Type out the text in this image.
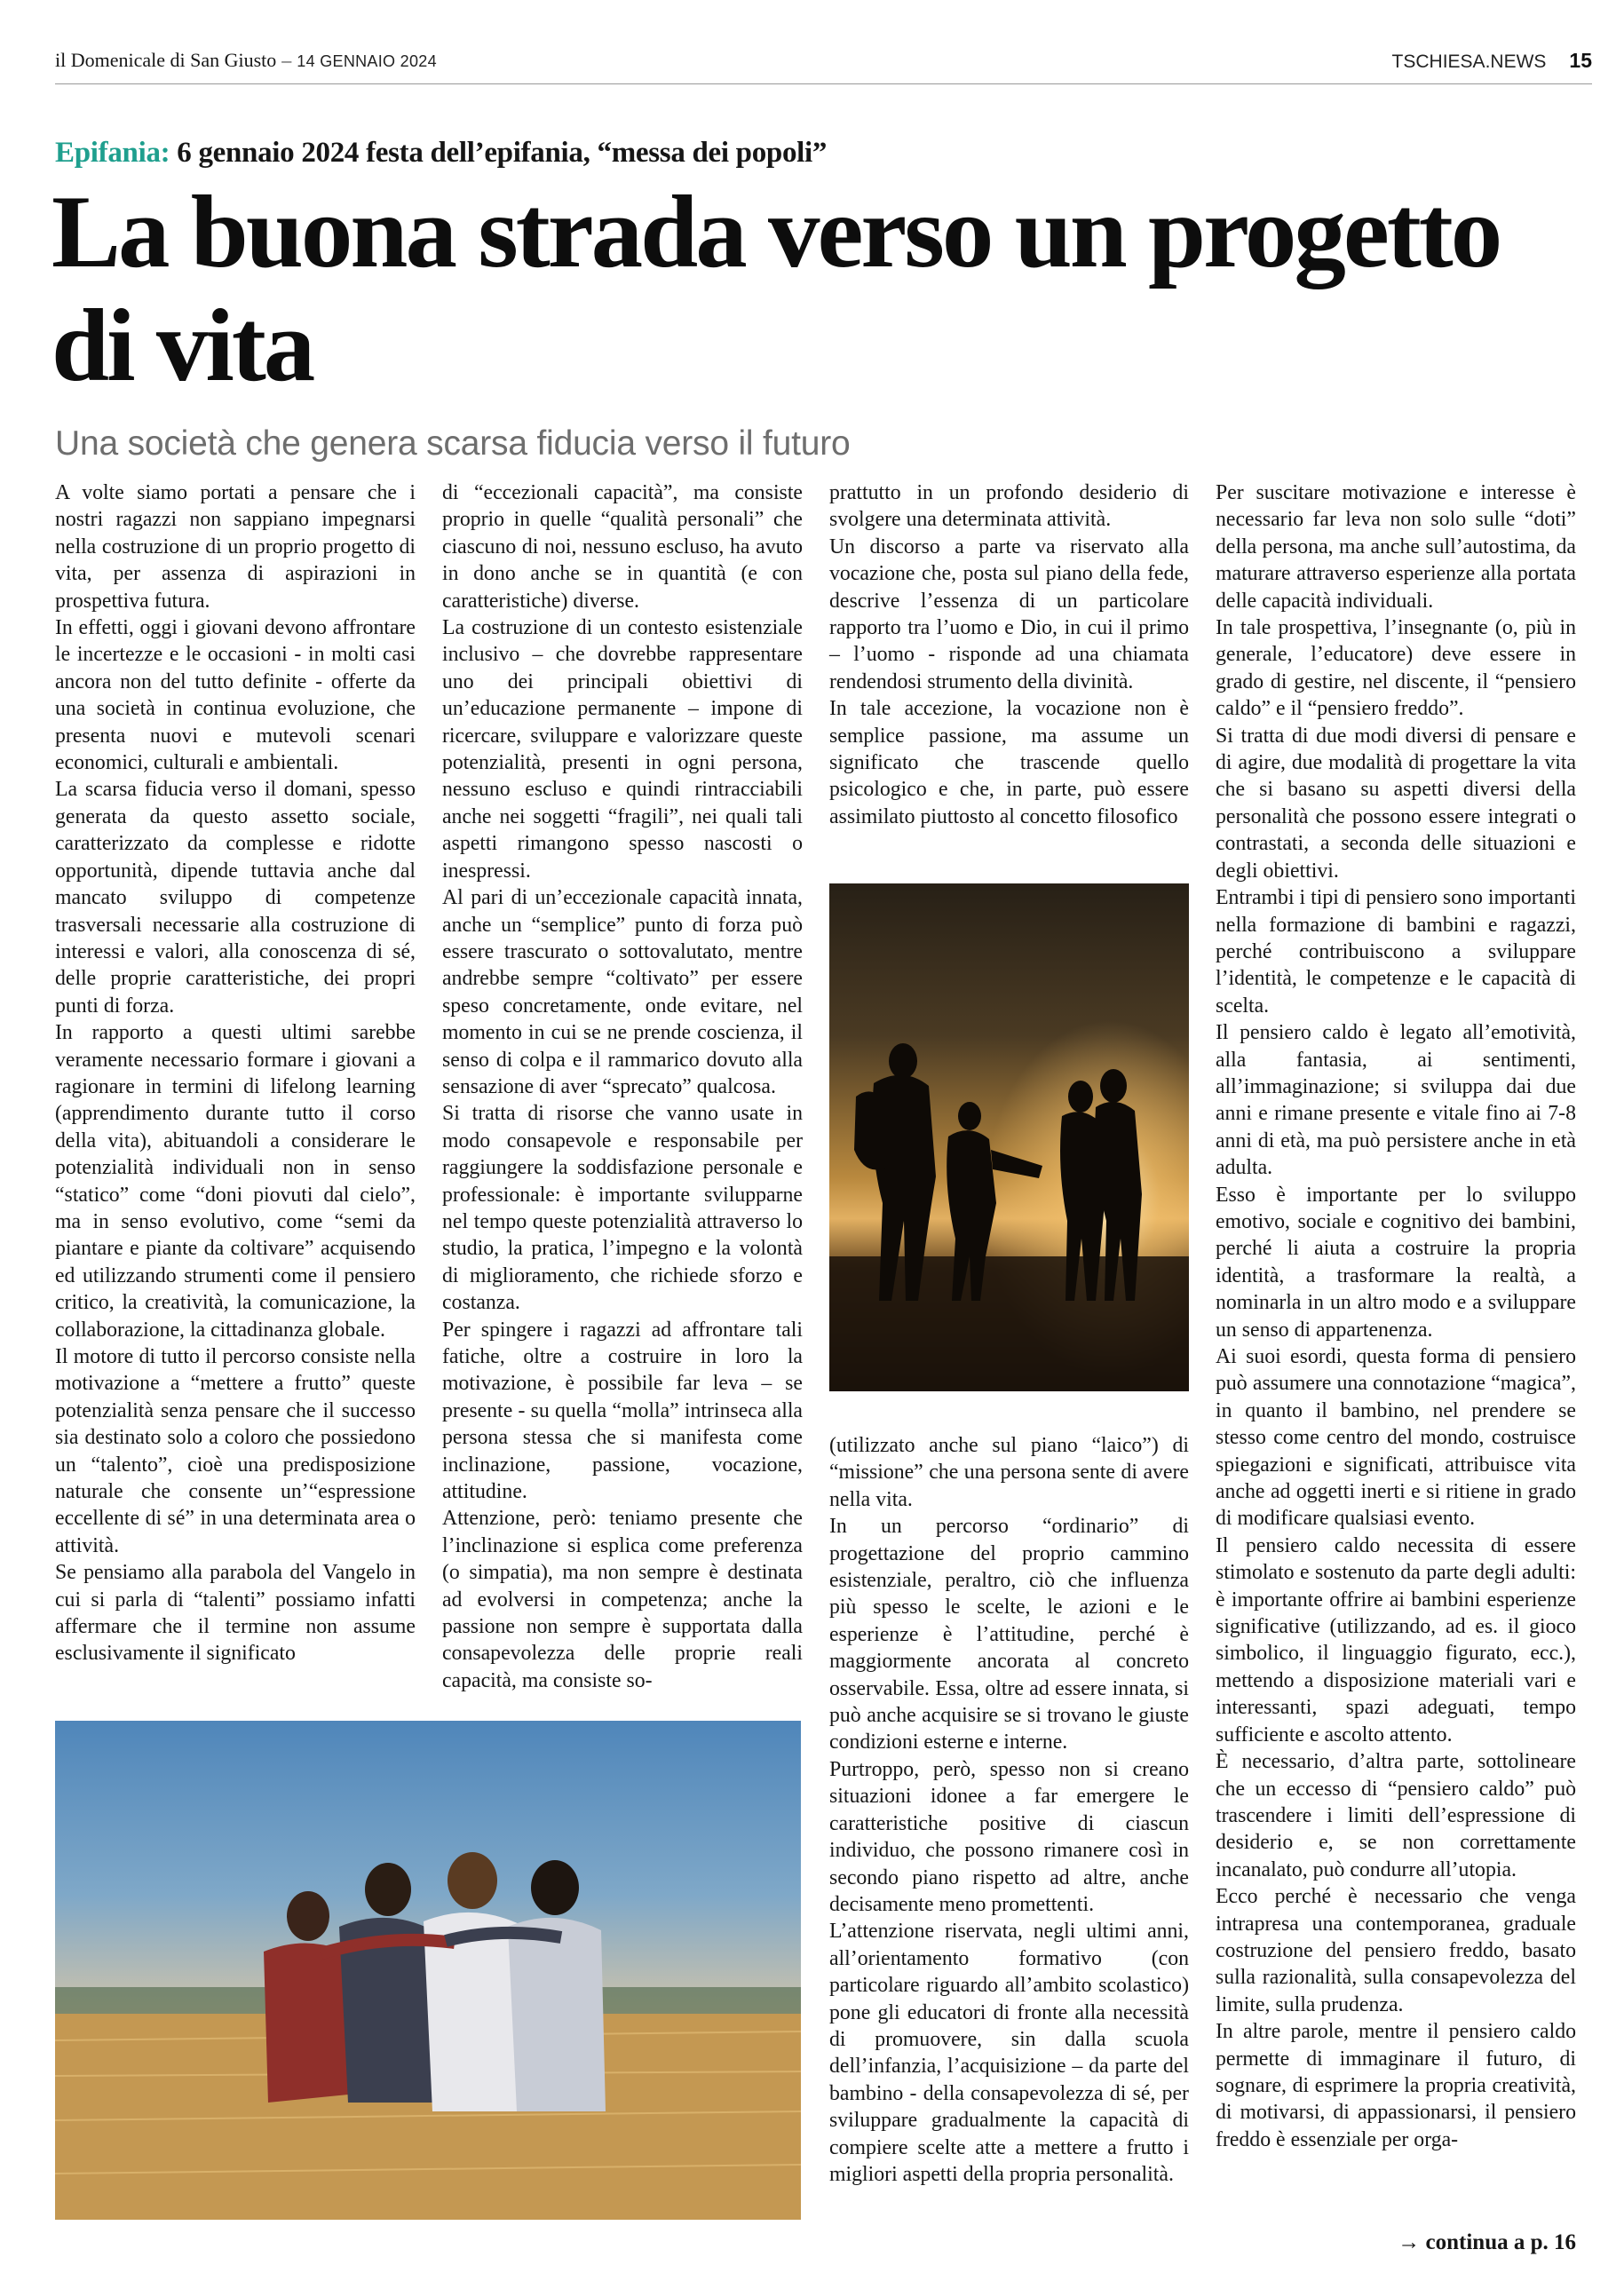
il Domenicale di San Giusto – 14 GENNAIO 2024	TSCHIESA.NEWS 15
Epifania: 6 gennaio 2024 festa dell’epifania, “messa dei popoli”
La buona strada verso un progetto di vita
Una società che genera scarsa fiducia verso il futuro

A volte siamo portati a pensare che i nostri ragazzi non sappiano impegnarsi nella costruzione di un proprio progetto di vita, per assenza di aspirazioni in prospettiva futura.

In effetti, oggi i giovani devono affrontare le incertezze e le occasioni - in molti casi ancora non del tutto definite - offerte da una società in continua evoluzione, che presenta nuovi e mutevoli scenari economici, culturali e ambientali.

La scarsa fiducia verso il domani, spesso generata da questo assetto sociale, caratterizzato da complesse e ridotte opportunità, dipende tuttavia anche dal mancato sviluppo di competenze trasversali necessarie alla costruzione di interessi e valori, alla conoscenza di sé, delle proprie caratteristiche, dei propri punti di forza.

In rapporto a questi ultimi sarebbe veramente necessario formare i giovani a ragionare in termini di lifelong learning (apprendimento durante tutto il corso della vita), abituandoli a considerare le potenzialità individuali non in senso “statico” come “doni piovuti dal cielo”, ma in senso evolutivo, come “semi da piantare e piante da coltivare” acquisendo ed utilizzando strumenti come il pensiero critico, la creatività, la comunicazione, la collaborazione, la cittadinanza globale.

Il motore di tutto il percorso consiste nella motivazione a “mettere a frutto” queste potenzialità senza pensare che il successo sia destinato solo a coloro che possiedono un “talento”, cioè una predisposizione naturale che consente un’“espressione eccellente di sé” in una determinata area o attività.

Se pensiamo alla parabola del Vangelo in cui si parla di “talenti” possiamo infatti affermare che il termine non assume esclusivamente il significato

di “eccezionali capacità”, ma consiste proprio in quelle “qualità personali” che ciascuno di noi, nessuno escluso, ha avuto in dono anche se in quantità (e con caratteristiche) diverse.

La costruzione di un contesto esistenziale inclusivo – che dovrebbe rappresentare uno dei principali obiettivi di un’educazione permanente – impone di ricercare, sviluppare e valorizzare queste potenzialità, presenti in ogni persona, nessuno escluso e quindi rintracciabili anche nei soggetti “fragili”, nei quali tali aspetti rimangono spesso nascosti o inespressi.

Al pari di un’eccezionale capacità innata, anche un “semplice” punto di forza può essere trascurato o sottovalutato, mentre andrebbe sempre “coltivato” per essere speso concretamente, onde evitare, nel momento in cui se ne prende coscienza, il senso di colpa e il rammarico dovuto alla sensazione di aver “sprecato” qualcosa.

Si tratta di risorse che vanno usate in modo consapevole e responsabile per raggiungere la soddisfazione personale e professionale: è importante svilupparne nel tempo queste potenzialità attraverso lo studio, la pratica, l’impegno e la volontà di miglioramento, che richiede sforzo e costanza.

Per spingere i ragazzi ad affrontare tali fatiche, oltre a costruire in loro la motivazione, è possibile far leva – se presente - su quella “molla” intrinseca alla persona stessa che si manifesta come inclinazione, passione, vocazione, attitudine.

Attenzione, però: teniamo presente che l’inclinazione si esplica come preferenza (o simpatia), ma non sempre è destinata ad evolversi in competenza; anche la passione non sempre è supportata dalla consapevolezza delle proprie reali capacità, ma consiste so-

prattutto in un profondo desiderio di svolgere una determinata attività.

Un discorso a parte va riservato alla vocazione che, posta sul piano della fede, descrive l’essenza di un particolare rapporto tra l’uomo e Dio, in cui il primo – l’uomo - risponde ad una chiamata rendendosi strumento della divinità.

In tale accezione, la vocazione non è semplice passione, ma assume un significato che trascende quello psicologico e che, in parte, può essere assimilato piuttosto al concetto filosofico

(utilizzato anche sul piano “laico”) di “missione” che una persona sente di avere nella vita.

In un percorso “ordinario” di progettazione del proprio cammino esistenziale, peraltro, ciò che influenza più spesso le scelte, le azioni e le esperienze è l’attitudine, perché è maggiormente ancorata al concreto osservabile. Essa, oltre ad essere innata, si può anche acquisire se si trovano le giuste condizioni esterne e interne.

Purtroppo, però, spesso non si creano situazioni idonee a far emergere le caratteristiche positive di ciascun individuo, che possono rimanere così in secondo piano rispetto ad altre, anche decisamente meno promettenti.

L’attenzione riservata, negli ultimi anni, all’orientamento formativo (con particolare riguardo all’ambito scolastico) pone gli educatori di fronte alla necessità di promuovere, sin dalla scuola dell’infanzia, l’acquisizione – da parte del bambino - della consapevolezza di sé, per sviluppare gradualmente la capacità di compiere scelte atte a mettere a frutto i migliori aspetti della propria personalità.

Per suscitare motivazione e interesse è necessario far leva non solo sulle “doti” della persona, ma anche sull’autostima, da maturare attraverso esperienze alla portata delle capacità individuali.

In tale prospettiva, l’insegnante (o, più in generale, l’educatore) deve essere in grado di gestire, nel discente, il “pensiero caldo” e il “pensiero freddo”.

Si tratta di due modi diversi di pensare e di agire, due modalità di progettare la vita che si basano su aspetti diversi della personalità che possono essere integrati o contrastati, a seconda delle situazioni e degli obiettivi.

Entrambi i tipi di pensiero sono importanti nella formazione di bambini e ragazzi, perché contribuiscono a sviluppare l’identità, le competenze e le capacità di scelta.

Il pensiero caldo è legato all’emotività, alla fantasia, ai sentimenti, all’immaginazione; si sviluppa dai due anni e rimane presente e vitale fino ai 7-8 anni di età, ma può persistere anche in età adulta.

Esso è importante per lo sviluppo emotivo, sociale e cognitivo dei bambini, perché li aiuta a costruire la propria identità, a trasformare la realtà, a nominarla in un altro modo e a sviluppare un senso di appartenenza.

Ai suoi esordi, questa forma di pensiero può assumere una connotazione “magica”, in quanto il bambino, nel prendere se stesso come centro del mondo, costruisce spiegazioni e significati, attribuisce vita anche ad oggetti inerti e si ritiene in grado di modificare qualsiasi evento.

Il pensiero caldo necessita di essere stimolato e sostenuto da parte degli adulti: è importante offrire ai bambini esperienze significative (utilizzando, ad es. il gioco simbolico, il linguaggio figurato, ecc.), mettendo a disposizione materiali vari e interessanti, spazi adeguati, tempo sufficiente e ascolto attento.

È necessario, d’altra parte, sottolineare che un eccesso di “pensiero caldo” può trascendere i limiti dell’espressione di desiderio e, se non correttamente incanalato, può condurre all’utopia.

Ecco perché è necessario che venga intrapresa una contemporanea, graduale costruzione del pensiero freddo, basato sulla razionalità, sulla consapevolezza del limite, sulla prudenza.

In altre parole, mentre il pensiero caldo permette di immaginare il futuro, di sognare, di esprimere la propria creatività, di motivarsi, di appassionarsi, il pensiero freddo è essenziale per orga-

→ continua a p. 16
